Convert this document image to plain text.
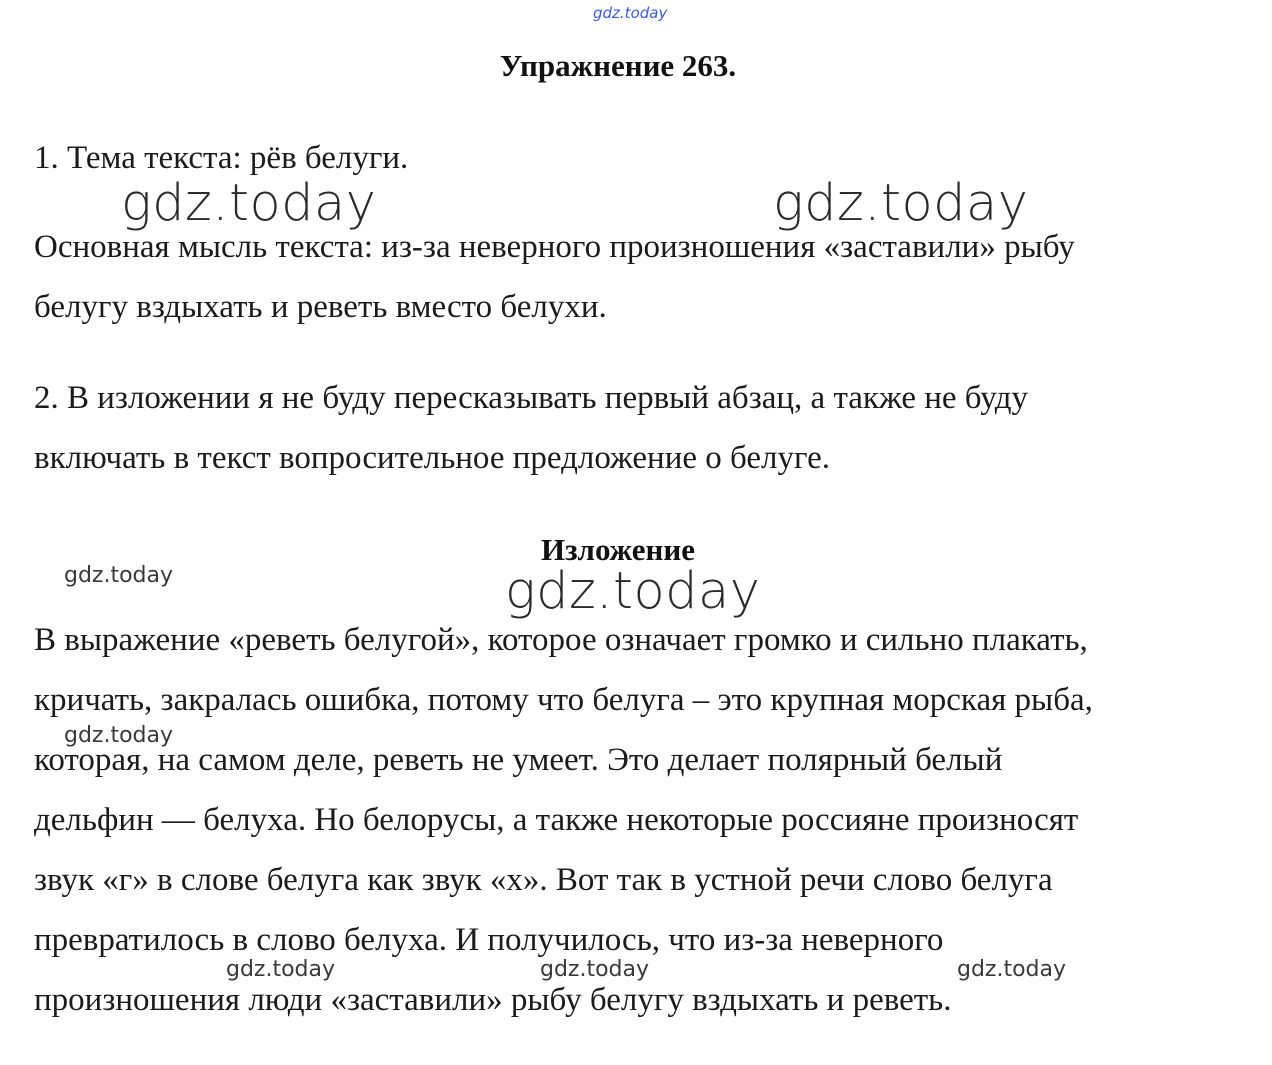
gdz.today
Упражнение 263.
1. Тема текста: рёв белуги.
Основная мысль текста: из-за неверного произношения «заставили» рыбу
белугу вздыхать и реветь вместо белухи.
2. В изложении я не буду пересказывать первый абзац, а также не буду
включать в текст вопросительное предложение о белуге.
Изложение
В выражение «реветь белугой», которое означает громко и сильно плакать,
кричать, закралась ошибка, потому что белуга – это крупная морская рыба,
которая, на самом деле, реветь не умеет. Это делает полярный белый
дельфин — белуха. Но белорусы, а также некоторые россияне произносят
звук «г» в слове белуга как звук «х». Вот так в устной речи слово белуга
превратилось в слово белуха. И получилось, что из-за неверного
произношения люди «заставили» рыбу белугу вздыхать и реветь.
gdz.today	gdz.today
gdz.today
gdz.today
gdz.today
gdz.today	gdz.today	gdz.today
